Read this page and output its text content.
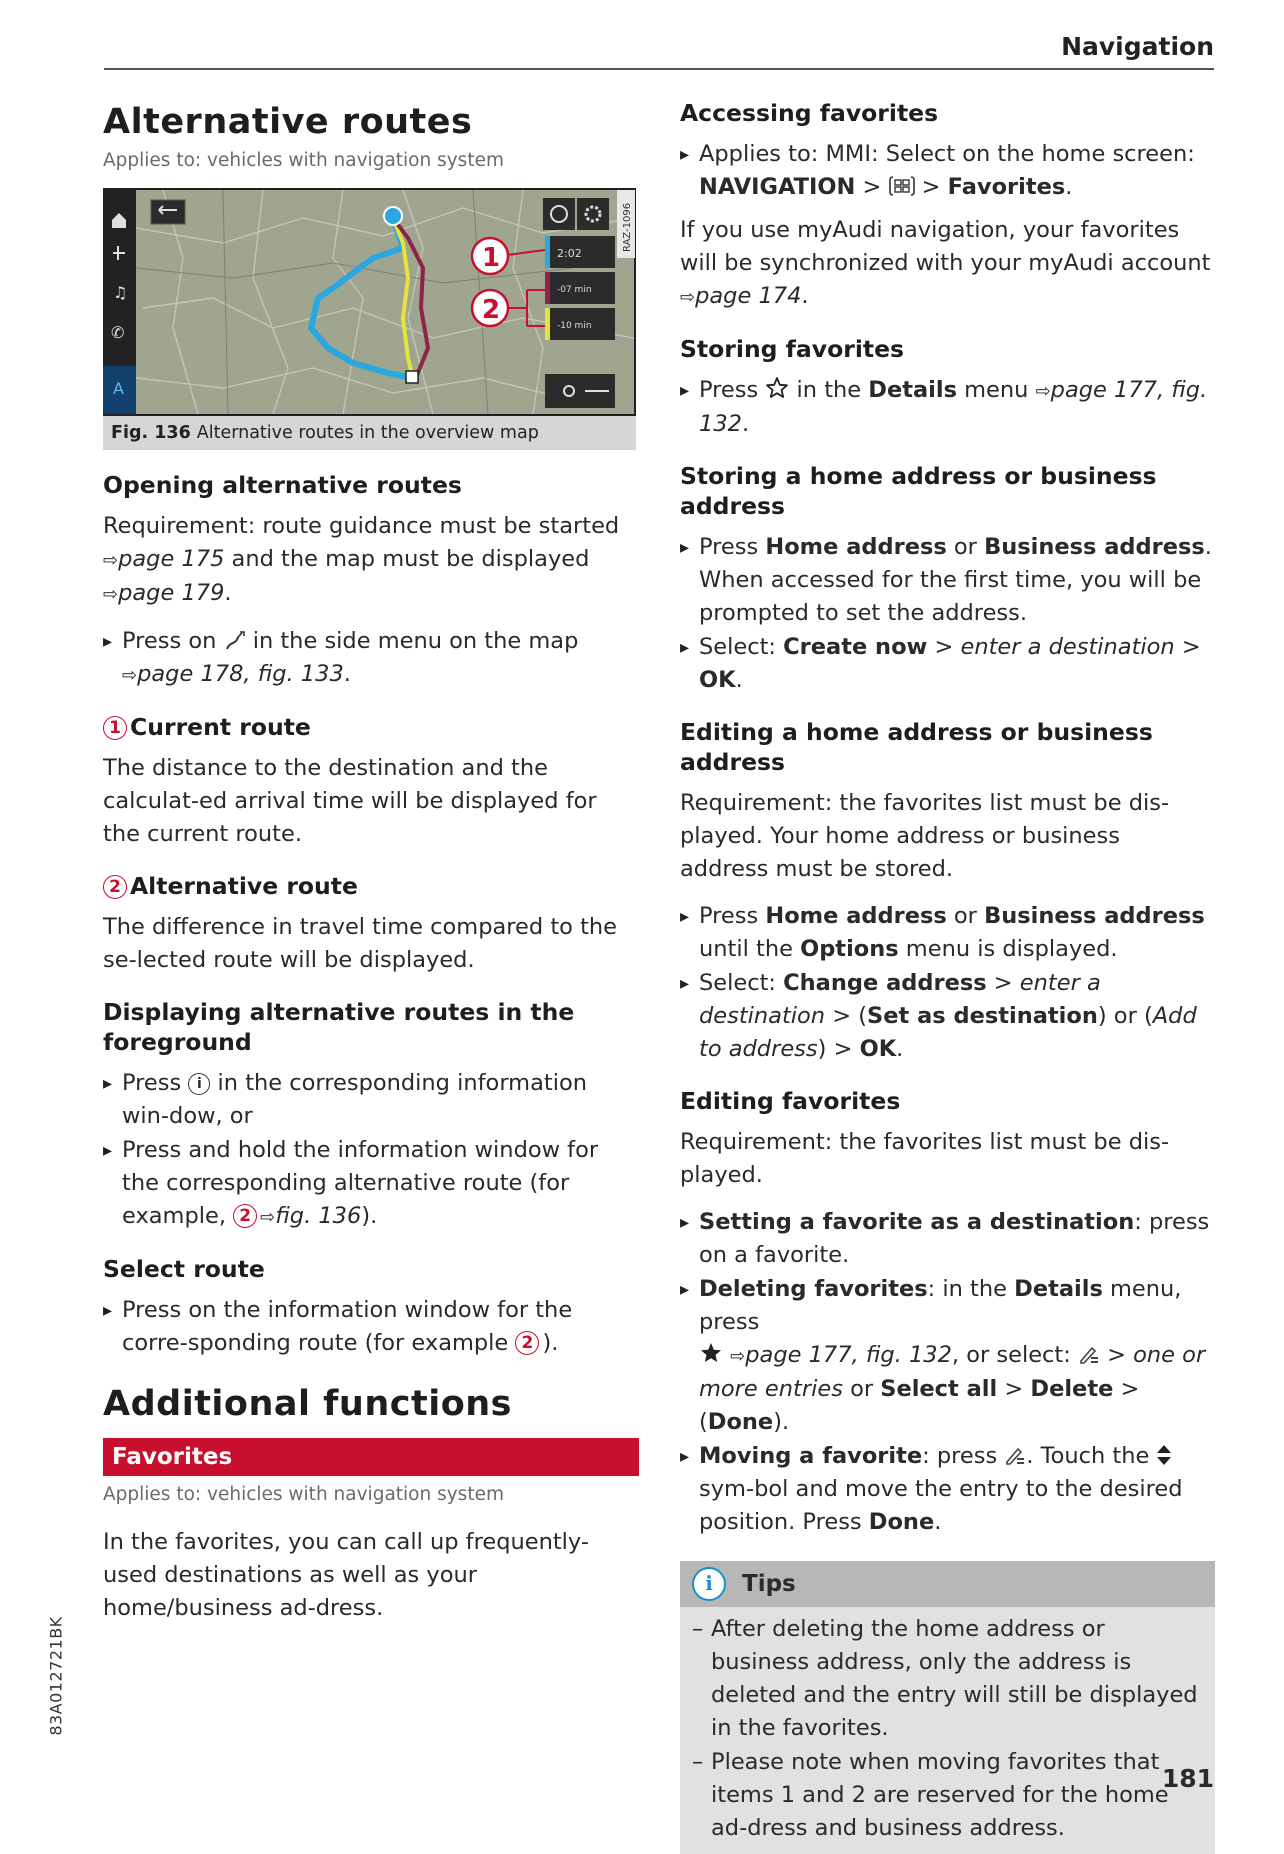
Navigation
Alternative routes
Applies to: vehicles with navigation system
♫
✆
A
2:02
-07 min
-10 min
RAZ-1096
1
2
Fig. 136 Alternative routes in the overview map
Opening alternative routes

Requirement: route guidance must be started ⇨page 175 and the map must be displayed ⇨page 179.

▸ Press on  in the side menu on the map
⇨page 178, fig. 133.
1 Current route

The distance to the destination and the calculat-ed arrival time will be displayed for the current route.

2 Alternative route

The difference in travel time compared to the se-lected route will be displayed.

Displaying alternative routes in the foreground
▸ Press i in the corresponding information win-dow, or
▸ Press and hold the information window for the corresponding alternative route (for example, 2 ⇨fig. 136).
Select route
▸ Press on the information window for the corre-sponding route (for example 2 ).
Additional functions
Favorites
Applies to: vehicles with navigation system

In the favorites, you can call up frequently-used destinations as well as your home/business ad-dress.

Accessing favorites
▸ Applies to: MMI: Select on the home screen:
NAVIGATION >  > Favorites.

If you use myAudi navigation, your favorites will be synchronized with your myAudi account
⇨page 174.

Storing favorites
▸ Press  in the Details menu ⇨page 177, fig. 132.
Storing a home address or business address
▸ Press Home address or Business address. When accessed for the first time, you will be prompted to set the address.
▸ Select: Create now > enter a destination > OK.
Editing a home address or business address

Requirement: the favorites list must be dis-played. Your home address or business address must be stored.

▸ Press Home address or Business address until the Options menu is displayed.
▸ Select: Change address > enter a destination > (Set as destination) or (Add to address) > OK.
Editing favorites

Requirement: the favorites list must be dis-played.

▸ Setting a favorite as a destination: press on a favorite.
▸ Deleting favorites: in the Details menu, press
⇨page 177, fig. 132, or select:  > one or more entries or Select all > Delete > (Done).
▸ Moving a favorite: press . Touch the  sym-bol and move the entry to the desired position. Press Done.
i	Tips
– After deleting the home address or business address, only the address is deleted and the entry will still be displayed in the favorites.
– Please note when moving favorites that items 1 and 2 are reserved for the home ad-dress and business address.
83A012721BK
181
